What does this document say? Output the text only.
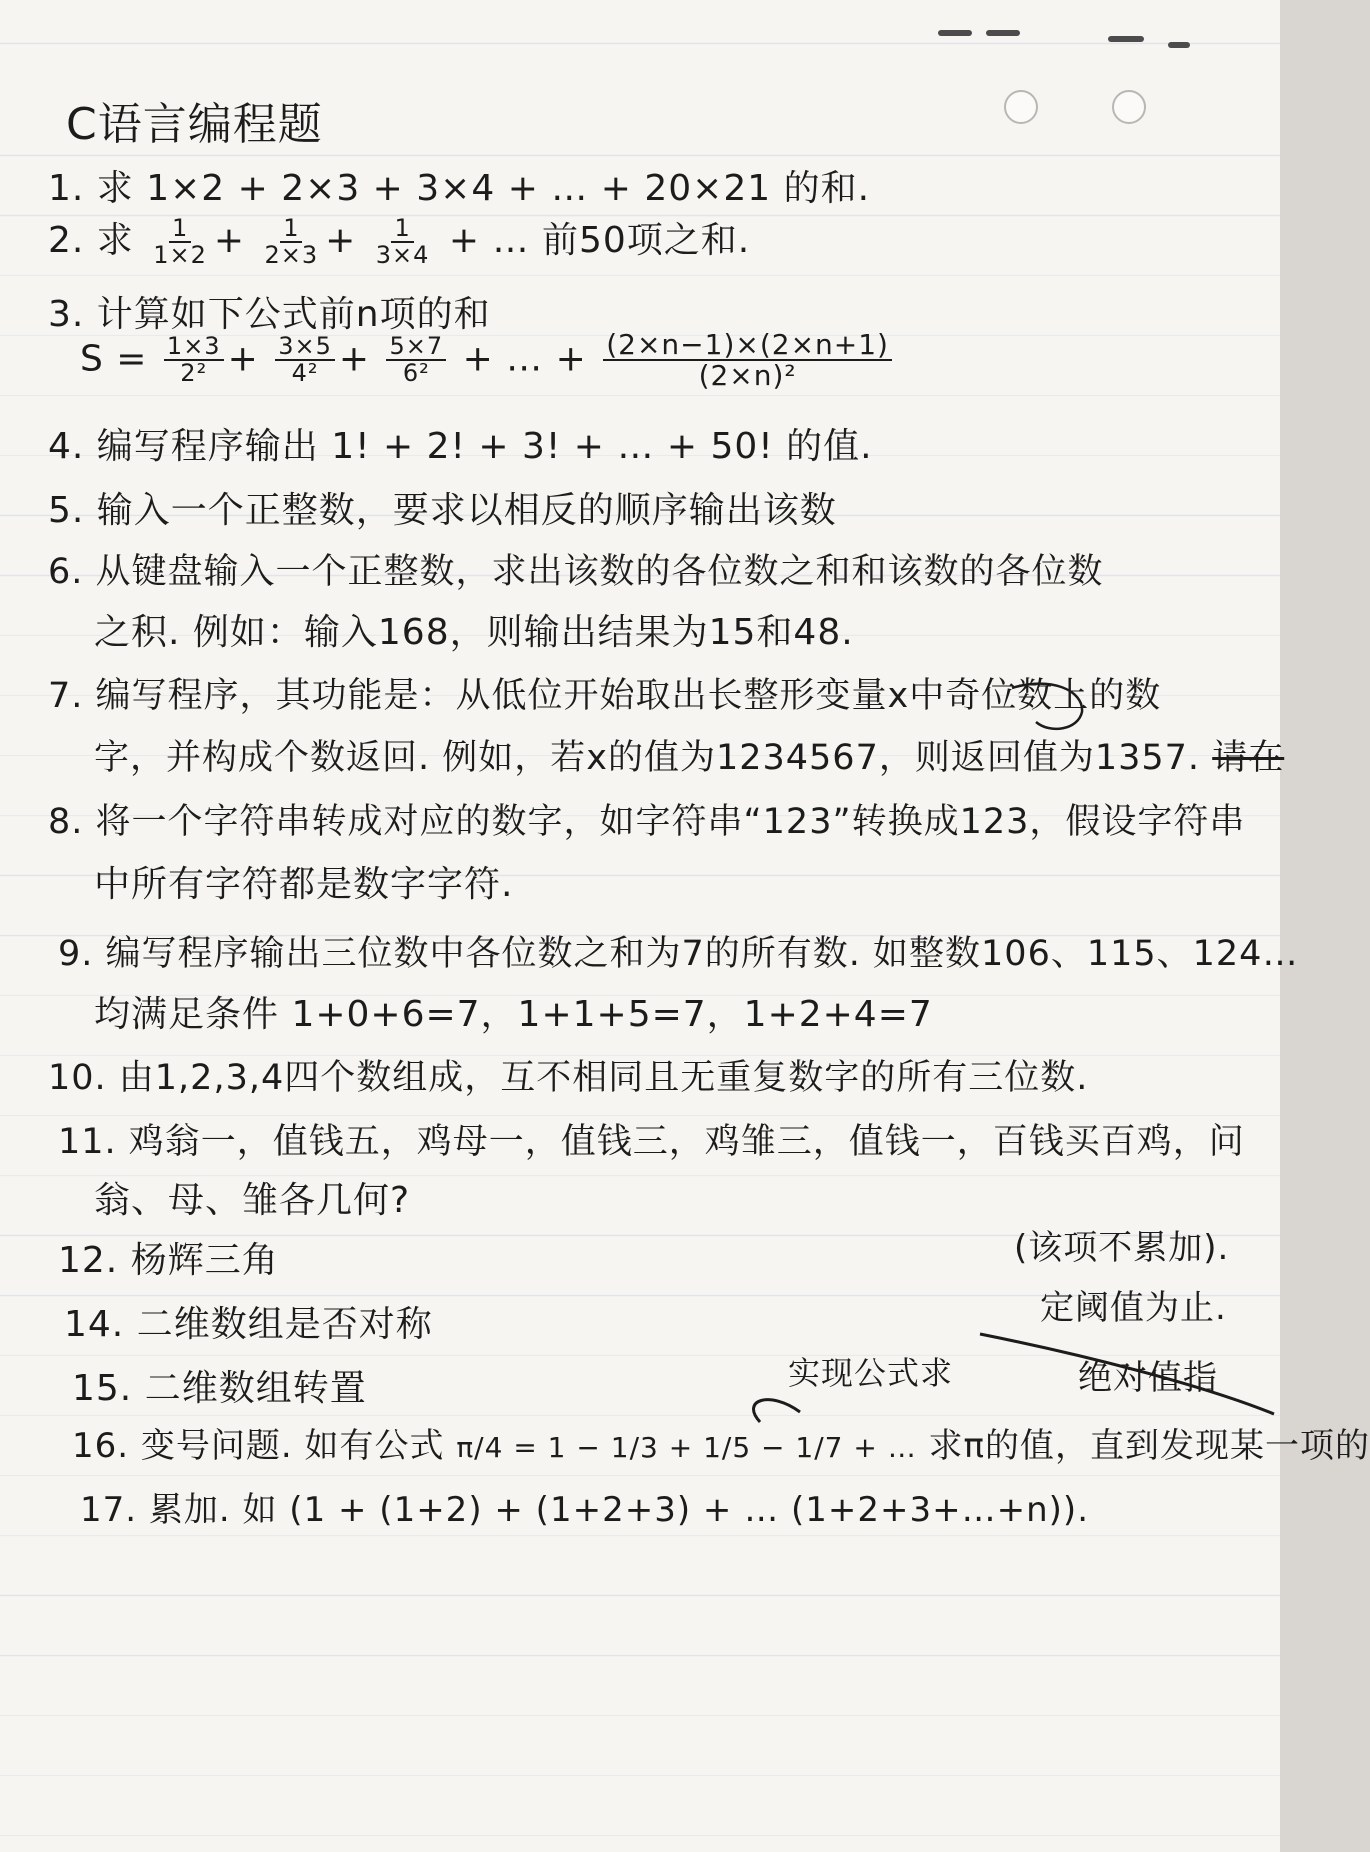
C语言编程题
1. 求 1×2 + 2×3 + 3×4 + … + 20×21 的和.
2. 求 $\frac{1}{1\times 2} + \frac{1}{2\times 3} + \frac{1}{3\times 4}$ + … 前50项之和.
3. 计算如下公式前n项的和
$S = \frac{1\times 3}{\text{2²}} + \frac{3\times 5}{\text{4²}} + \frac{5\times 7}{\text{6²}}$ + … + $\frac{(2\times n-1)\times(2\times n+1)}{\text{(2×n)²}}$
4. 编写程序输出 1! + 2! + 3! + … + 50! 的值.
5. 输入一个正整数，要求以相反的顺序输出该数
6. 从键盘输入一个正整数，求出该数的各位数之和和该数的各位数
之积. 例如：输入168，则输出结果为15和48.
7. 编写程序，其功能是：从低位开始取出长整形变量x中奇位数上的数
字，并构成个数返回. 例如，若x的值为1234567，则返回值为1357. 请在
8. 将一个字符串转成对应的数字，如字符串“123”转换成123，假设字符串
中所有字符都是数字字符.
9. 编写程序输出三位数中各位数之和为7的所有数. 如整数106、115、124…
均满足条件 1+0+6=7，1+1+5=7，1+2+4=7
10. 由1,2,3,4四个数组成，互不相同且无重复数字的所有三位数.
11. 鸡翁一，值钱五，鸡母一，值钱三，鸡雏三，值钱一，百钱买百鸡，问
翁、母、雏各几何?
12. 杨辉三角
14. 二维数组是否对称
15. 二维数组转置
(该项不累加).
定阈值为止.
实现公式求	绝对值指
16. 变号问题. 如有公式 π/4 = 1 − 1/3 + 1/5 − 1/7 + … 求π的值，直到发现某一项的
17. 累加. 如 (1 + (1+2) + (1+2+3) + … (1+2+3+…+n)).
